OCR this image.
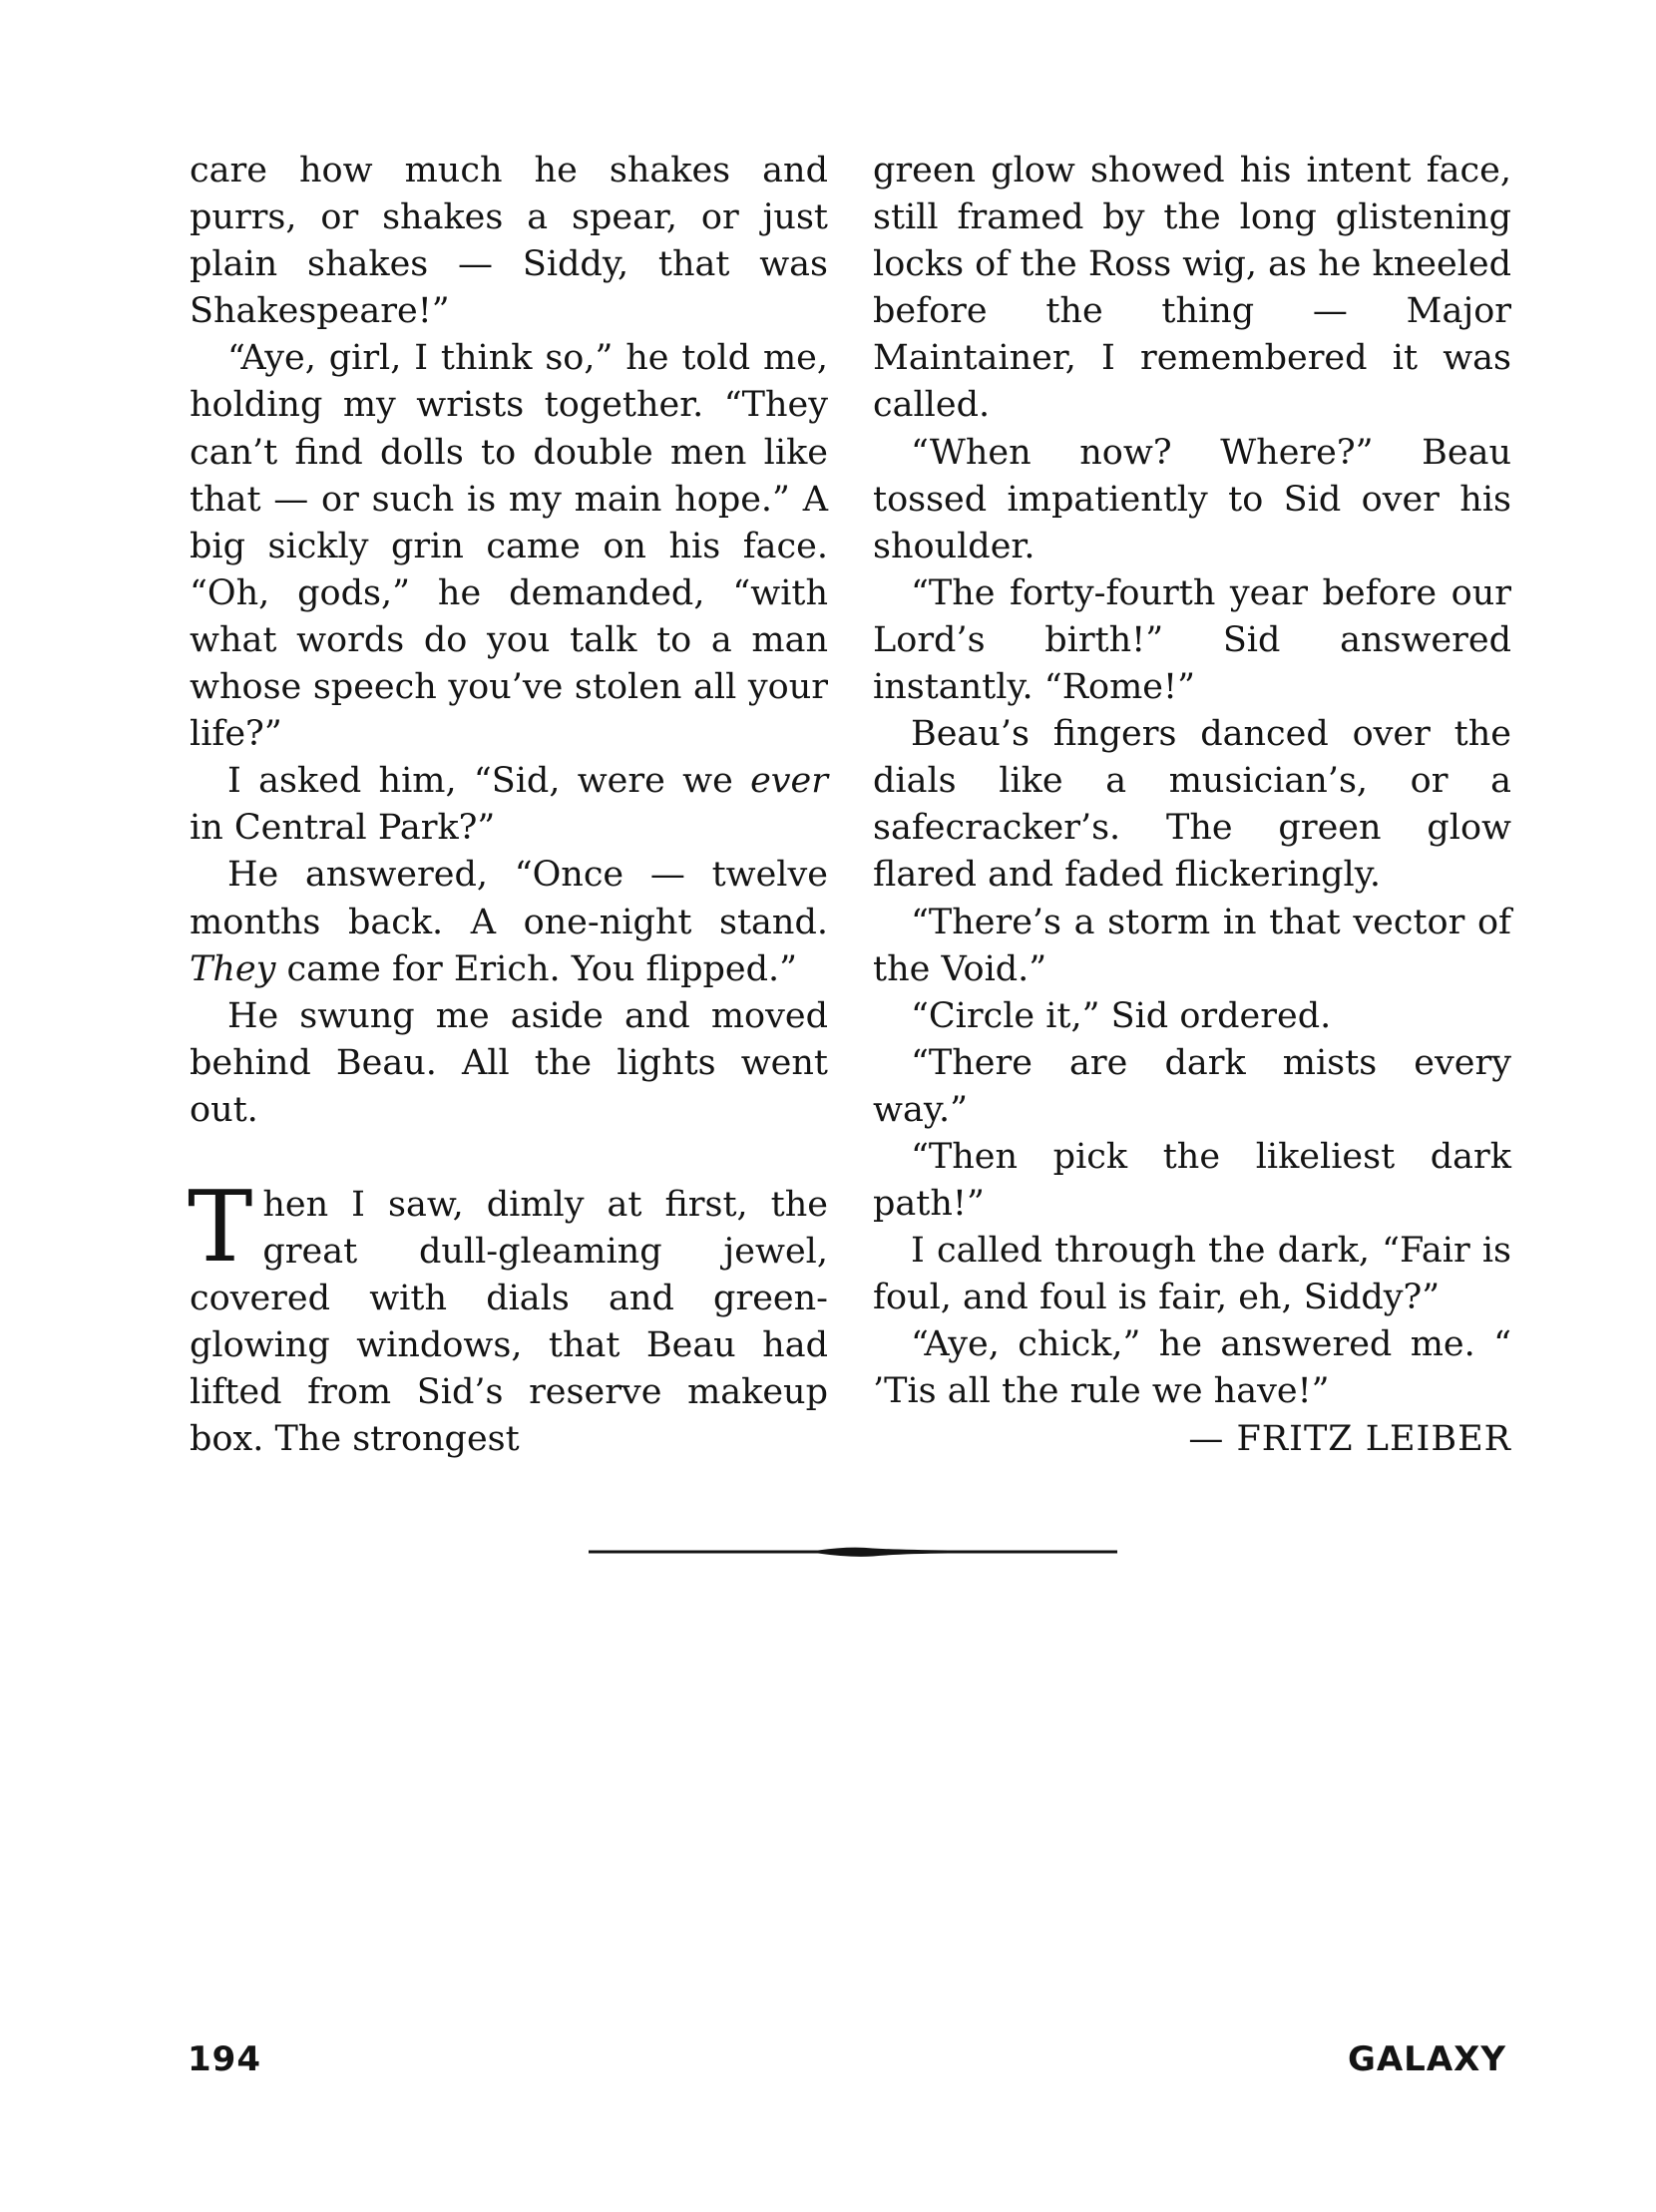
care how much he shakes and purrs, or shakes a spear, or just plain shakes — Siddy, that was Shakespeare!”

“Aye, girl, I think so,” he told me, holding my wrists together. “They can’t find dolls to double men like that — or such is my main hope.” A big sickly grin came on his face. “Oh, gods,” he demanded, “with what words do you talk to a man whose speech you’ve stolen all your life?”

I asked him, “Sid, were we ever in Central Park?”

He answered, “Once — twelve months back. A one-night stand. They came for Erich. You flipped.”

He swung me aside and moved behind Beau. All the lights went out.

Then I saw, dimly at first, the great dull-gleaming jewel, covered with dials and green-glowing windows, that Beau had lifted from Sid’s reserve makeup box. The strongest

green glow showed his intent face, still framed by the long glistening locks of the Ross wig, as he kneeled before the thing — Major Maintainer, I remembered it was called.

“When now? Where?” Beau tossed impatiently to Sid over his shoulder.

“The forty-fourth year before our Lord’s birth!” Sid answered instantly. “Rome!”

Beau’s fingers danced over the dials like a musician’s, or a safecracker’s. The green glow flared and faded flickeringly.

“There’s a storm in that vector of the Void.”

“Circle it,” Sid ordered.

“There are dark mists every way.”

“Then pick the likeliest dark path!”

I called through the dark, “Fair is foul, and foul is fair, eh, Siddy?”

“Aye, chick,” he answered me. “ ’Tis all the rule we have!”

— FRITZ LEIBER

194	GALAXY
